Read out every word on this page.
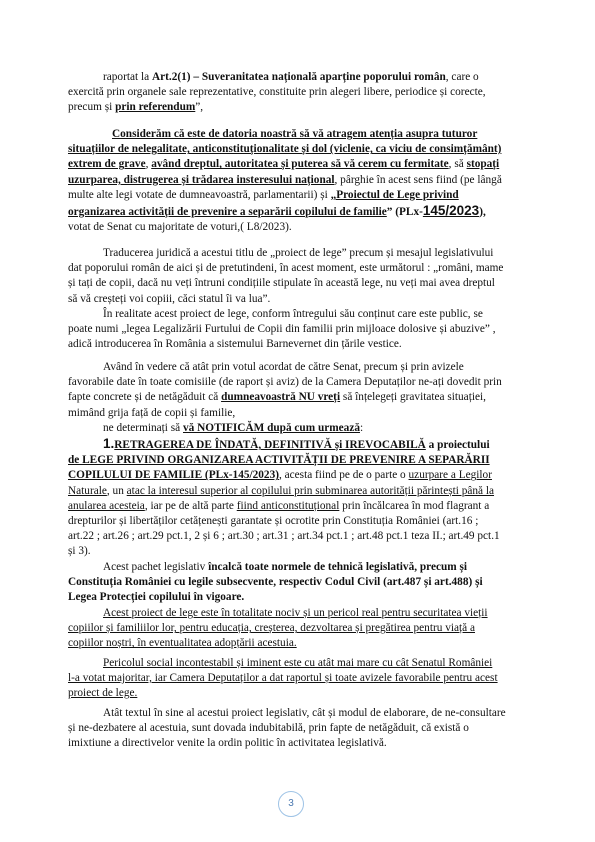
raportat la Art.2(1) – Suveranitatea națională aparține poporului român, care o
exercită prin organele sale reprezentative, constituite prin alegeri libere, periodice și corecte,
precum și prin referendum”,
Considerăm că este de datoria noastră să vă atragem atenția asupra tuturor
situațiilor de nelegalitate, anticonstituționalitate și dol (viclenie, ca viciu de consimțământ)
extrem de grave, având dreptul, autoritatea și puterea să vă cerem cu fermitate, să stopați
uzurparea, distrugerea și trădarea insteresului național, pârghie în acest sens fiind (pe lângă
multe alte legi votate de dumneavoastră, parlamentarii) și „Proiectul de Lege privind
organizarea activităţii de prevenire a separării copilului de familie” (PLx-145/2023),
votat de Senat cu majoritate de voturi,( L8/2023).
Traducerea juridică a acestui titlu de „proiect de lege” precum și mesajul legislativului
dat poporului român de aici și de pretutindeni, în acest moment, este următorul : „români, mame
și tați de copii, dacă nu veți întruni condițiile stipulate în această lege, nu veți mai avea dreptul
să vă creșteți voi copiii, căci statul îi va lua”.
În realitate acest proiect de lege, conform întregului său conținut care este public, se
poate numi „legea Legalizării Furtului de Copii din familii prin mijloace dolosive și abuzive” ,
adică introducerea în România a sistemului Barnevernet din țările vestice.
Având în vedere că atât prin votul acordat de către Senat, precum și prin avizele
favorabile date în toate comisiile (de raport și aviz) de la Camera Deputaților ne-ați dovedit prin
fapte concrete și de netăgăduit că dumneavoastră NU vreți să înțelegeți gravitatea situației,
mimând grija față de copii și familie,
ne determinați să vă NOTIFICĂM după cum urmează:
1.RETRAGEREA DE ÎNDATĂ, DEFINITIVĂ și IREVOCABILĂ a proiectului
de LEGE PRIVIND ORGANIZAREA ACTIVITĂȚII DE PREVENIRE A SEPARĂRII
COPILULUI DE FAMILIE (PLx-145/2023), acesta fiind pe de o parte o uzurpare a Legilor
Naturale, un atac la interesul superior al copilului prin subminarea autorității părintești până la
anularea acesteia, iar pe de altă parte fiind anticonstituțional prin încălcarea în mod flagrant a
drepturilor și libertăților cetățenești garantate și ocrotite prin Constituția României (art.16 ;
art.22 ; art.26 ; art.29 pct.1, 2 și 6 ; art.30 ; art.31 ; art.34 pct.1 ; art.48 pct.1 teza II.; art.49 pct.1
și 3).
Acest pachet legislativ încalcă toate normele de tehnică legislativă, precum și
Constituția României cu legile subsecvente, respectiv Codul Civil (art.487 și art.488) și
Legea Protecției copilului în vigoare.
Acest proiect de lege este în totalitate nociv și un pericol real pentru securitatea vieții
copiilor și familiilor lor, pentru educația, creșterea, dezvoltarea și pregătirea pentru viață a
copiilor noștri, în eventualitatea adopțării acestuia.
Pericolul social incontestabil și iminent este cu atât mai mare cu cât Senatul României
l-a votat majoritar, iar Camera Deputaților a dat raportul și toate avizele favorabile pentru acest
proiect de lege.
Atât textul în sine al acestui proiect legislativ, cât și modul de elaborare, de ne-consultare
și ne-dezbatere al acestuia, sunt dovada indubitabilă, prin fapte de netăgăduit, că există o
imixtiune a directivelor venite la ordin politic în activitatea legislativă.
3
